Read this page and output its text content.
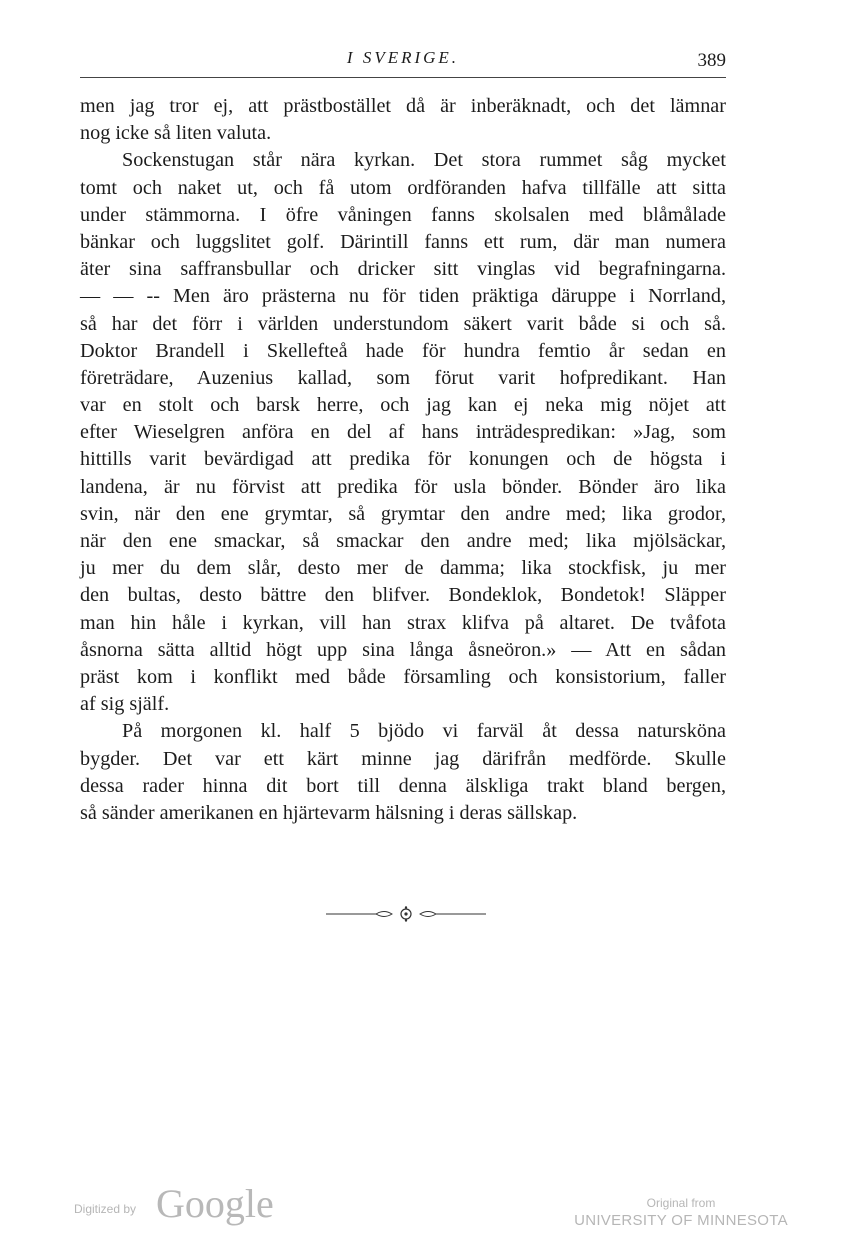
I SVERIGE.	389
men jag tror ej, att prästbostället då är inberäknadt, och det lämnar
nog icke så liten valuta.
Sockenstugan står nära kyrkan. Det stora rummet såg mycket
tomt och naket ut, och få utom ordföranden hafva tillfälle att sitta
under stämmorna. I öfre våningen fanns skolsalen med blåmålade
bänkar och luggslitet golf. Därintill fanns ett rum, där man numera
äter sina saffransbullar och dricker sitt vinglas vid begrafningarna.
— — -- Men äro prästerna nu för tiden präktiga däruppe i Norrland,
så har det förr i världen understundom säkert varit både si och så.
Doktor Brandell i Skellefteå hade för hundra femtio år sedan en
företrädare, Auzenius kallad, som förut varit hofpredikant. Han
var en stolt och barsk herre, och jag kan ej neka mig nöjet att
efter Wieselgren anföra en del af hans inträdespredikan: »Jag, som
hittills varit bevärdigad att predika för konungen och de högsta i
landena, är nu förvist att predika för usla bönder. Bönder äro lika
svin, när den ene grymtar, så grymtar den andre med; lika grodor,
när den ene smackar, så smackar den andre med; lika mjölsäckar,
ju mer du dem slår, desto mer de damma; lika stockfisk, ju mer
den bultas, desto bättre den blifver. Bondeklok, Bondetok! Släpper
man hin håle i kyrkan, vill han strax klifva på altaret. De tvåfota
åsnorna sätta alltid högt upp sina långa åsneöron.» — Att en sådan
präst kom i konflikt med både församling och konsistorium, faller
af sig själf.
På morgonen kl. half 5 bjödo vi farväl åt dessa natursköna
bygder. Det var ett kärt minne jag därifrån medförde. Skulle
dessa rader hinna dit bort till denna älskliga trakt bland bergen,
så sänder amerikanen en hjärtevarm hälsning i deras sällskap.
Digitized by Google	Original from
UNIVERSITY OF MINNESOTA
